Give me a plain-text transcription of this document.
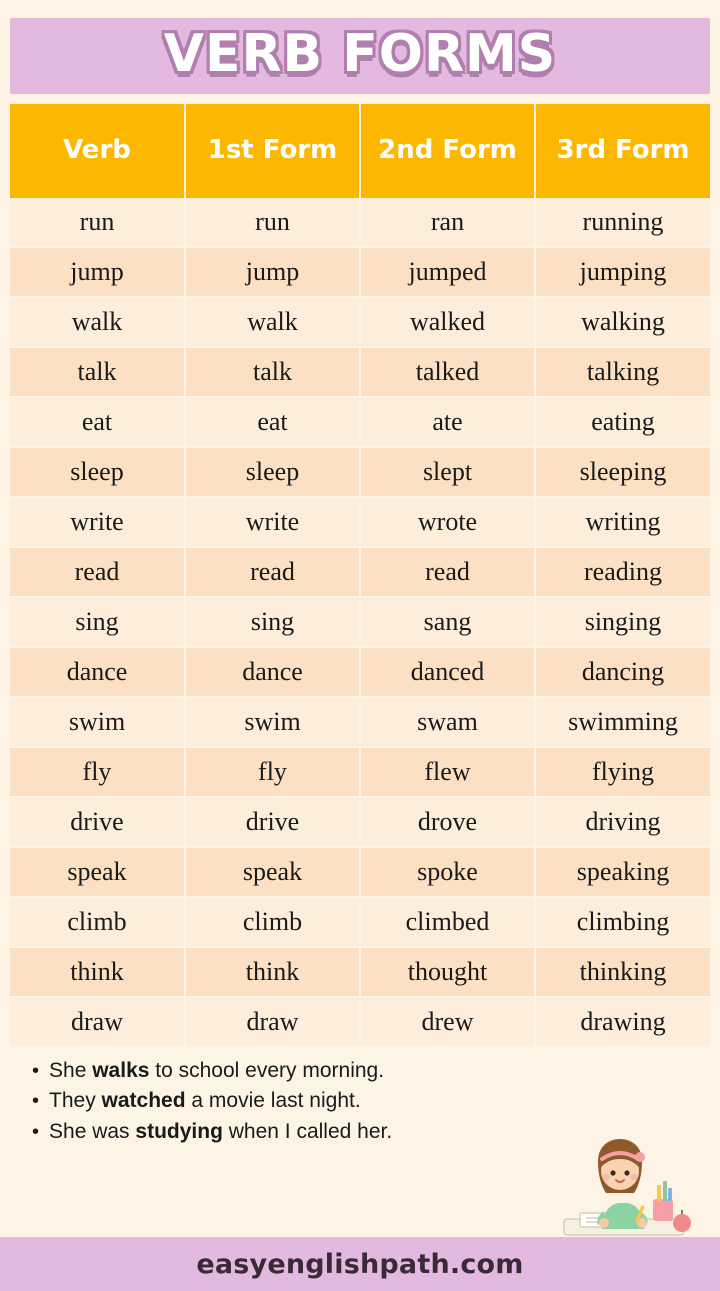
VERB FORMS
Verb	1st Form	2nd Form	3rd Form
run	run	ran	running
jump	jump	jumped	jumping
walk	walk	walked	walking
talk	talk	talked	talking
eat	eat	ate	eating
sleep	sleep	slept	sleeping
write	write	wrote	writing
read	read	read	reading
sing	sing	sang	singing
dance	dance	danced	dancing
swim	swim	swam	swimming
fly	fly	flew	flying
drive	drive	drove	driving
speak	speak	spoke	speaking
climb	climb	climbed	climbing
think	think	thought	thinking
draw	draw	drew	drawing
• She walks to school every morning.
• They watched a movie last night.
• She was studying when I called her.
easyenglishpath.com
